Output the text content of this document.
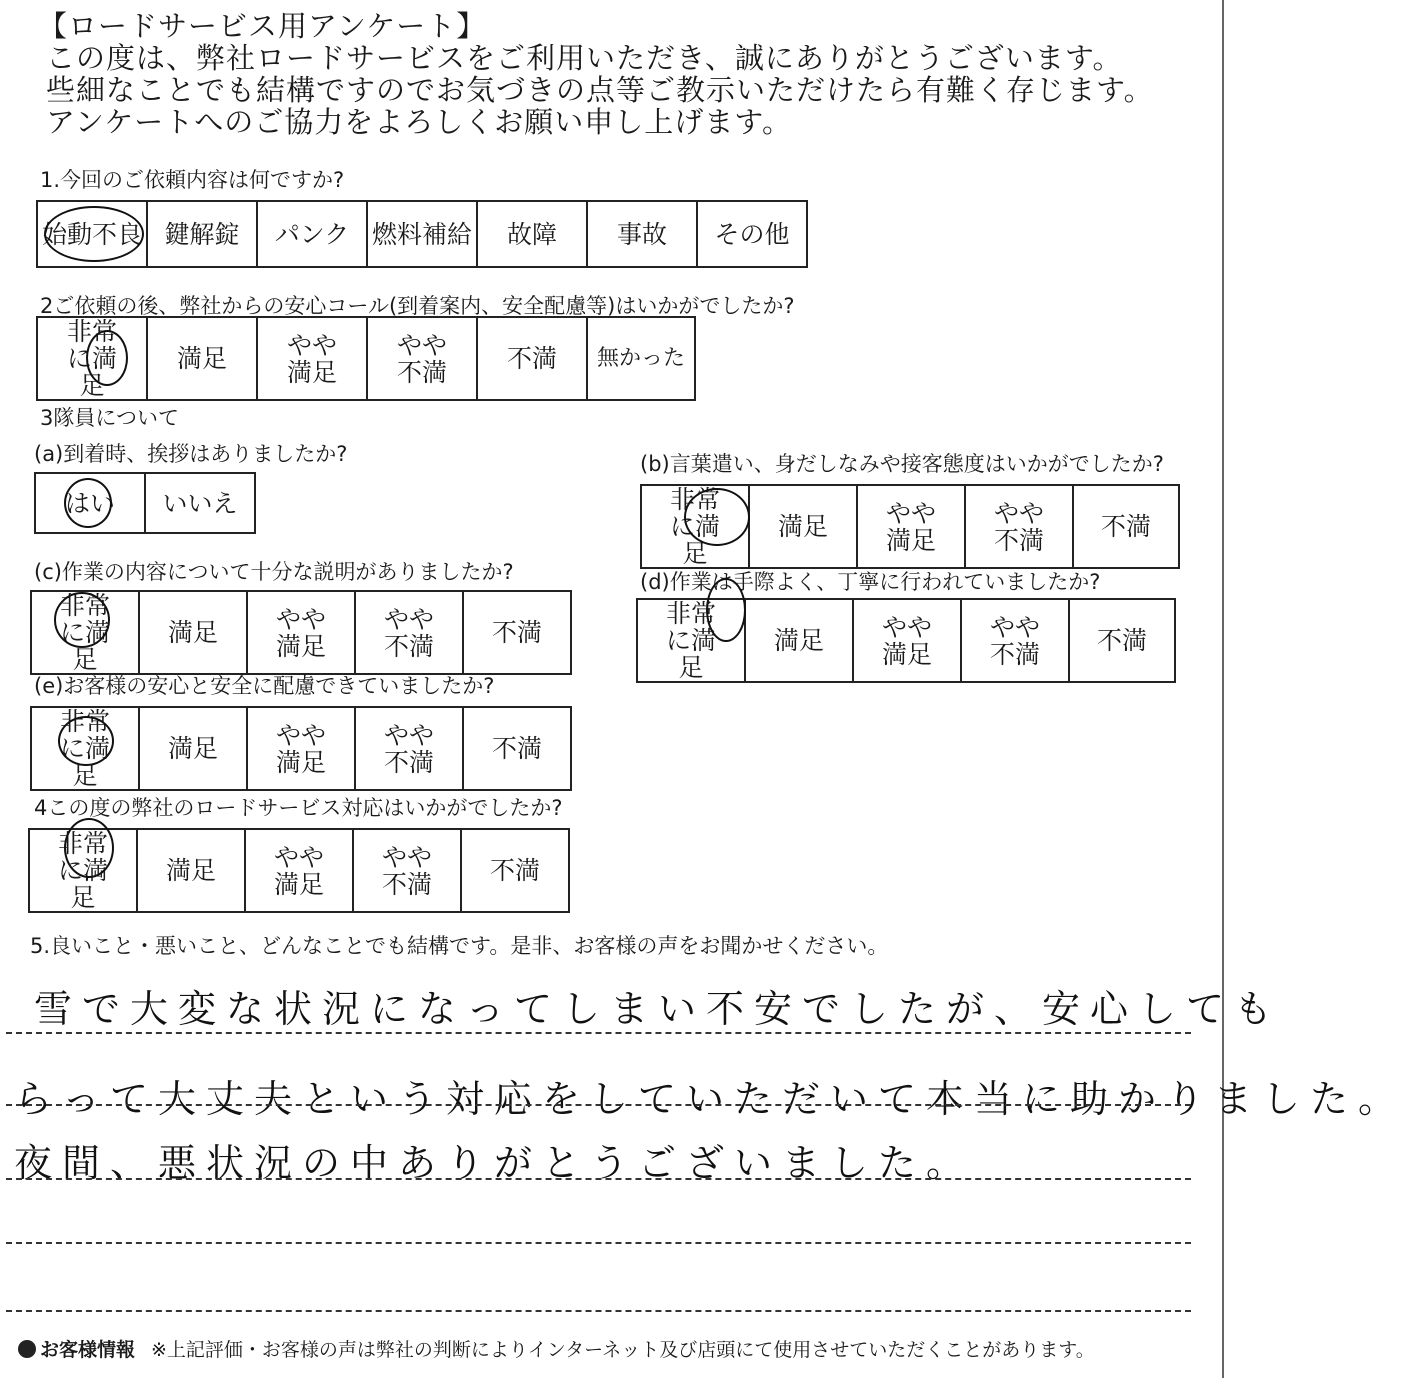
【ロードサービス用アンケート】
この度は、弊社ロードサービスをご利用いただき、誠にありがとうございます。
些細なことでも結構ですのでお気づきの点等ご教示いただけたら有難く存じます。
アンケートへのご協力をよろしくお願い申し上げます。
1.今回のご依頼内容は何ですか?
始動不良	鍵解錠	パンク	燃料補給	故障	事故	その他
2ご依頼の後、弊社からの安心コール(到着案内、安全配慮等)はいかがでしたか?
非常に満足

満足	やや満足

やや不満	不満	無かった
3隊員について
(a)到着時、挨拶はありましたか?
はい	いいえ
(b)言葉遣い、身だしなみや接客態度はいかがでしたか?
非常に満足

満足	やや満足

やや不満	不満
(c)作業の内容について十分な説明がありましたか?
非常に満足

満足	やや満足

やや不満	不満
(d)作業は手際よく、丁寧に行われていましたか?
非常に満足

満足	やや満足

やや不満	不満
(e)お客様の安心と安全に配慮できていましたか?
非常に満足

満足	やや満足

やや不満	不満
4この度の弊社のロードサービス対応はいかがでしたか?
非常に満足

満足	やや満足

やや不満	不満
5.良いこと・悪いこと、どんなことでも結構です。是非、お客様の声をお聞かせください。
雪で大変な状況になってしまい不安でしたが、安心しても
らって大丈夫という対応をしていただいて本当に助かりました。
夜間、悪状況の中ありがとうございました。
お客様情報 ※上記評価・お客様の声は弊社の判断によりインターネット及び店頭にて使用させていただくことがあります。
